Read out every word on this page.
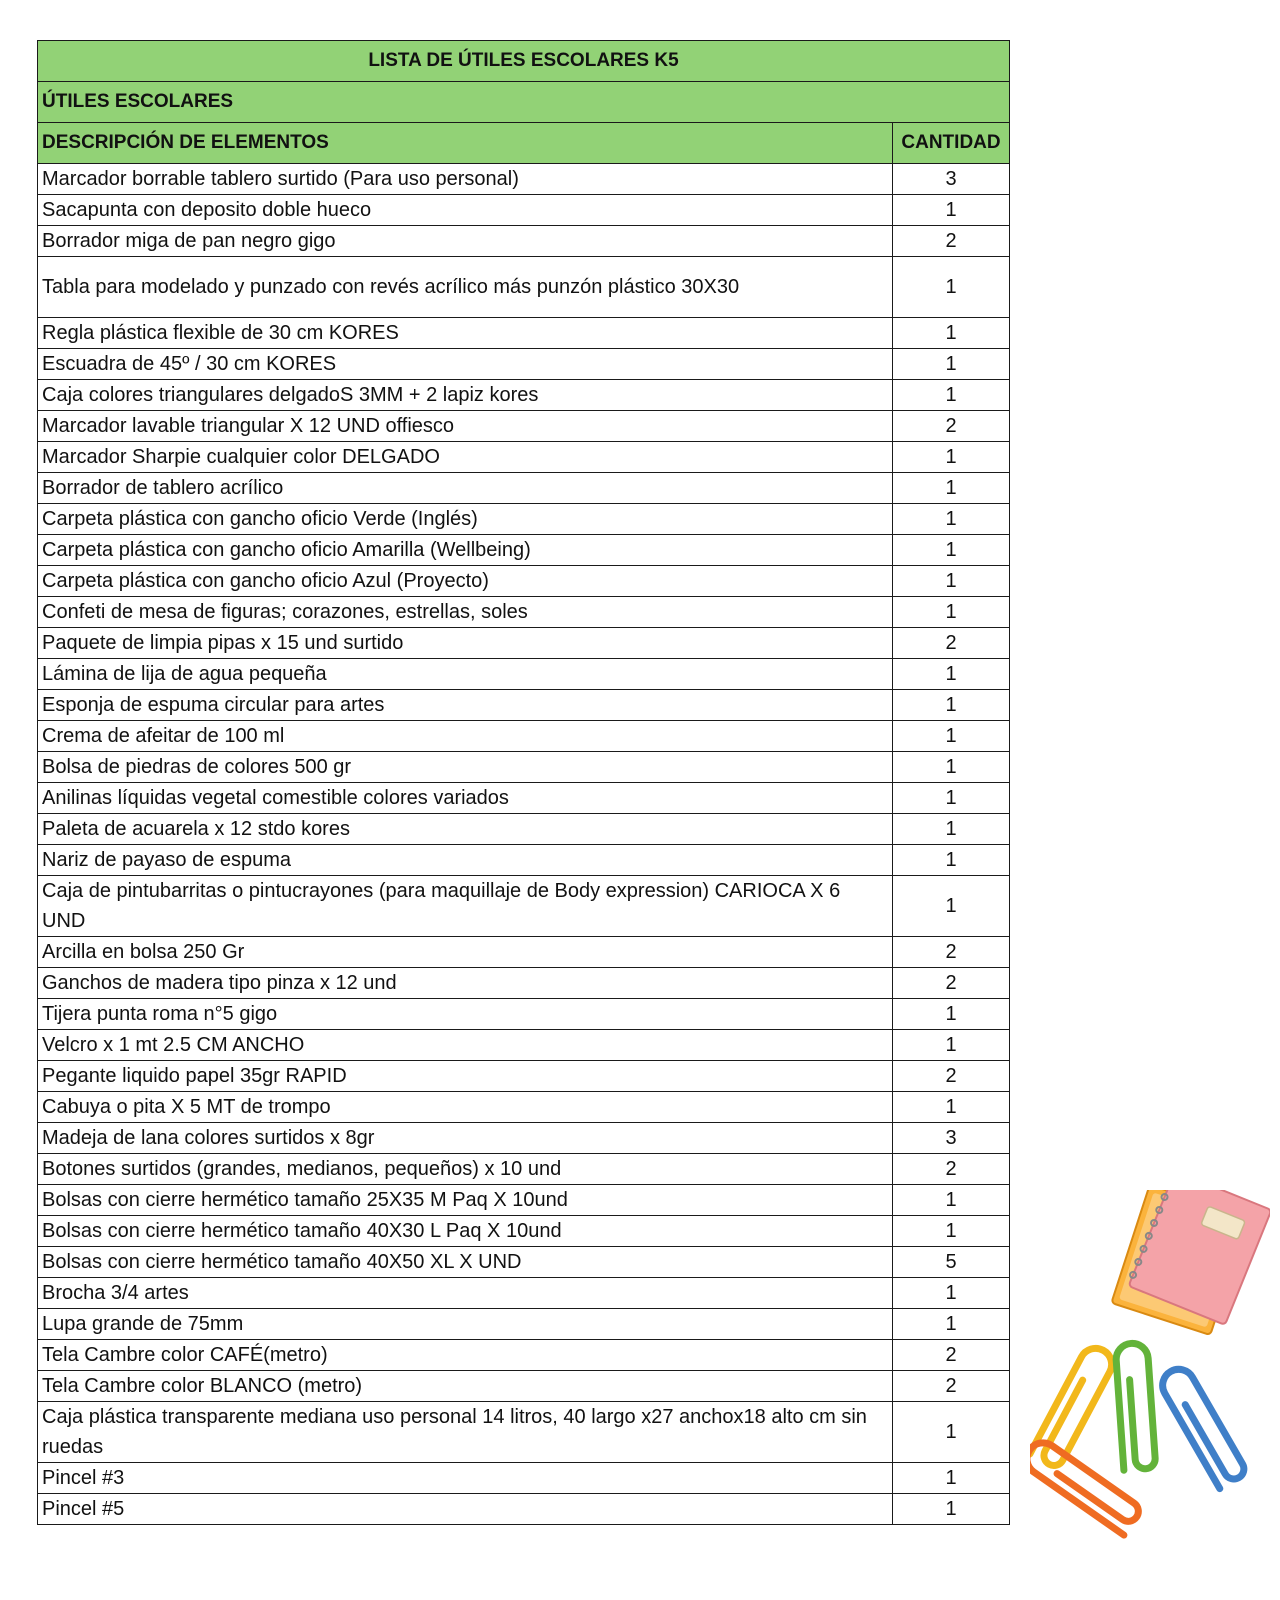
LISTA DE ÚTILES ESCOLARES K5	
ÚTILES ESCOLARES	
DESCRIPCIÓN DE ELEMENTOS	CANTIDAD
Marcador borrable tablero surtido (Para uso personal)	3
Sacapunta con deposito doble hueco	1
Borrador miga de pan negro gigo	2
Tabla para modelado y punzado con revés acrílico más punzón plástico 30X30	1
Regla plástica flexible de 30 cm KORES	1
Escuadra de 45º / 30 cm KORES	1
Caja colores triangulares delgadoS 3MM + 2 lapiz kores	1
Marcador lavable triangular X 12 UND offiesco	2
Marcador Sharpie cualquier color DELGADO	1
Borrador de tablero acrílico	1
Carpeta plástica con gancho oficio Verde (Inglés)	1
Carpeta plástica con gancho oficio Amarilla (Wellbeing)	1
Carpeta plástica con gancho oficio Azul (Proyecto)	1
Confeti de mesa de figuras; corazones, estrellas, soles	1
Paquete de limpia pipas x 15 und surtido	2
Lámina de lija de agua pequeña	1
Esponja de espuma circular para artes	1
Crema de afeitar de 100 ml	1
Bolsa de piedras de colores 500 gr	1
Anilinas líquidas vegetal comestible colores variados	1
Paleta de acuarela x 12 stdo kores	1
Nariz de payaso de espuma	1
Caja de pintubarritas o pintucrayones (para maquillaje de Body expression) CARIOCA X 6 UND	1
Arcilla en bolsa 250 Gr	2
Ganchos de madera tipo pinza x 12 und	2
Tijera punta roma n°5 gigo	1
Velcro x 1 mt 2.5 CM ANCHO	1
Pegante liquido papel 35gr RAPID	2
Cabuya o pita X 5 MT de trompo	1
Madeja de lana colores surtidos x 8gr	3
Botones surtidos (grandes, medianos, pequeños) x 10 und	2
Bolsas con cierre hermético tamaño 25X35 M Paq X 10und	1
Bolsas con cierre hermético tamaño 40X30 L Paq X 10und	1
Bolsas con cierre hermético tamaño 40X50 XL X UND	5
Brocha 3/4 artes	1
Lupa grande de 75mm	1
Tela Cambre color CAFÉ(metro)	2
Tela Cambre color BLANCO (metro)	2
Caja plástica transparente mediana uso personal 14 litros, 40 largo x27 anchox18 alto cm sin ruedas	1
Pincel #3	1
Pincel #5	1
